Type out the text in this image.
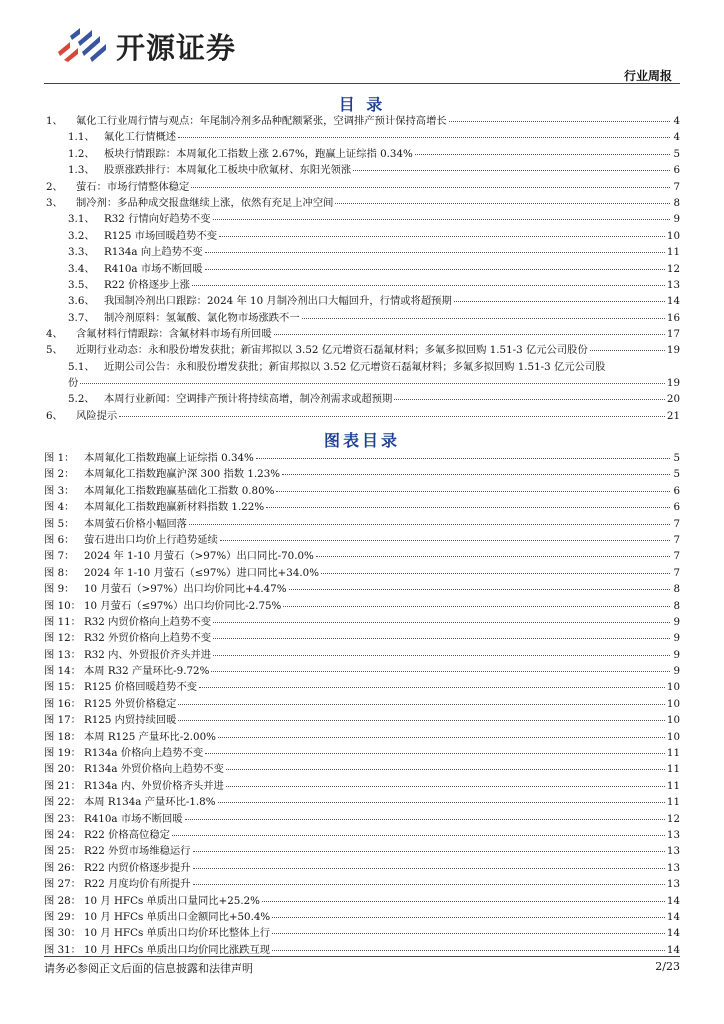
开源证券
行业周报
目 录
1、	氟化工行业周行情与观点：年尾制冷剂多品种配额紧张，空调排产预计保持高增长	4
1.1、 氟化工行情概述	4
1.2、 板块行情跟踪：本周氟化工指数上涨 2.67%，跑赢上证综指 0.34%	5
1.3、 股票涨跌排行：本周氟化工板块中欣氟材、东阳光领涨	6
2、	萤石：市场行情整体稳定	7
3、	制冷剂：多品种成交报盘继续上涨，依然有充足上冲空间	8
3.1、 R32 行情向好趋势不变	9
3.2、 R125 市场回暖趋势不变	10
3.3、 R134a 向上趋势不变	11
3.4、 R410a 市场不断回暖	12
3.5、 R22 价格逐步上涨	13
3.6、 我国制冷剂出口跟踪：2024 年 10 月制冷剂出口大幅回升，行情或将超预期	14
3.7、 制冷剂原料：氢氟酸、氯化物市场涨跌不一	16
4、	含氟材料行情跟踪：含氟材料市场有所回暖	17
5、	近期行业动态：永和股份增发获批；新宙邦拟以 3.52 亿元增资石磊氟材料；多氟多拟回购 1.51-3 亿元公司股份	19
5.1、 近期公司公告：永和股份增发获批；新宙邦拟以 3.52 亿元增资石磊氟材料；多氟多拟回购 1.51-3 亿元公司股
份	19
5.2、 本周行业新闻：空调排产预计将持续高增，制冷剂需求或超预期	20
6、	风险提示	21
图表目录
图 1： 本周氟化工指数跑赢上证综指 0.34%	5
图 2： 本周氟化工指数跑赢沪深 300 指数 1.23%	5
图 3： 本周氟化工指数跑赢基础化工指数 0.80%	6
图 4： 本周氟化工指数跑赢新材料指数 1.22%	6
图 5： 本周萤石价格小幅回落	7
图 6： 萤石进出口均价上行趋势延续	7
图 7： 2024 年 1-10 月萤石（>97%）出口同比-70.0%	7
图 8： 2024 年 1-10 月萤石（≤97%）进口同比+34.0%	7
图 9： 10 月萤石（>97%）出口均价同比+4.47%	8
图 10： 10 月萤石（≤97%）出口均价同比-2.75%	8
图 11： R32 内贸价格向上趋势不变	9
图 12： R32 外贸价格向上趋势不变	9
图 13： R32 内、外贸报价齐头并进	9
图 14： 本周 R32 产量环比-9.72%	9
图 15： R125 价格回暖趋势不变	10
图 16： R125 外贸价格稳定	10
图 17： R125 内贸持续回暖	10
图 18： 本周 R125 产量环比-2.00%	10
图 19： R134a 价格向上趋势不变	11
图 20： R134a 外贸价格向上趋势不变	11
图 21： R134a 内、外贸价格齐头并进	11
图 22： 本周 R134a 产量环比-1.8%	11
图 23： R410a 市场不断回暖	12
图 24： R22 价格高位稳定	13
图 25： R22 外贸市场维稳运行	13
图 26： R22 内贸价格逐步提升	13
图 27： R22 月度均价有所提升	13
图 28： 10 月 HFCs 单质出口量同比+25.2%	14
图 29： 10 月 HFCs 单质出口金额同比+50.4%	14
图 30： 10 月 HFCs 单质出口均价环比整体上行	14
图 31： 10 月 HFCs 单质出口均价同比涨跌互现	14
请务必参阅正文后面的信息披露和法律声明	2/23
